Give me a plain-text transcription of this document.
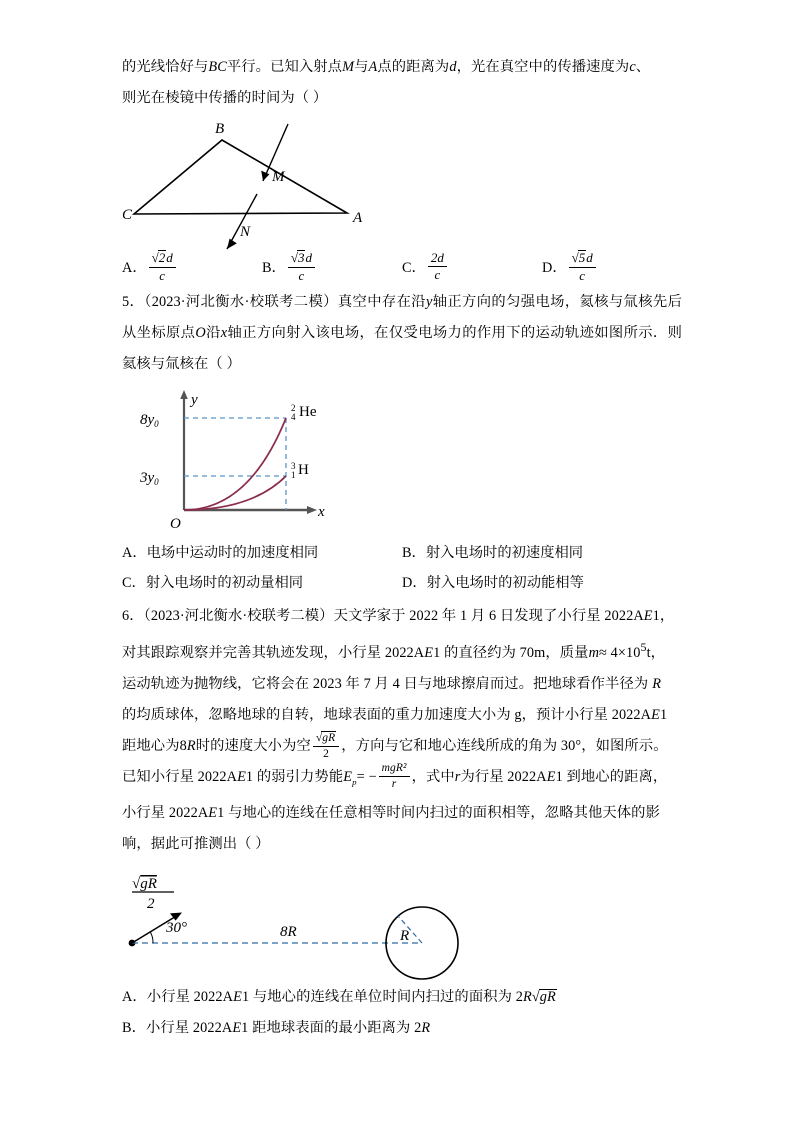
的光线恰好与BC平行。已知入射点M与A点的距离为d，光在真空中的传播速度为c、

则光在棱镜中传播的时间为（ ）

B
C	A
M
N
A． $\frac{√2d}{c}$	B． $\frac{√3d}{c}$	C． $\frac{2d}{c}$	D． $\frac{√5d}{c}$

5．（2023·河北衡水·校联考二模）真空中存在沿y轴正方向的匀强电场，氦核与氚核先后从坐标原点O沿x轴正方向射入该电场，在仅受电场力的作用下的运动轨迹如图所示．则氦核与氚核在（ ）

$8y_0$
$3y_0$
O
y
x
$^2$ 4 He
$^3$ 1 H
A．电场中运动时的加速度相同	B．射入电场时的初速度相同
C．射入电场时的初动量相同	D．射入电场时的初动能相等

6．（2023·河北衡水·校联考二模）天文学家于 2022 年 1 月 6 日发现了小行星 2022AE1，

对其跟踪观察并完善其轨迹发现，小行星 2022AE1 的直径约为 70m，质量$m\approx 4\times 10^5t$，

运动轨迹为抛物线，它将会在 2023 年 7 月 4 日与地球擦肩而过。把地球看作半径为 R

的均质球体，忽略地球的自转，地球表面的重力加速度大小为 g，预计小行星 2022AE1

距地心为8R时的速度大小为空 $\frac{√gR}{2}$ ，方向与它和地心连线所成的角为 30°，如图所示。

已知小行星 2022AE1 的弱引力势能$E_p= - \frac{\text{mgR²}}{r}$ ，式中r为行星 2022AE1 到地心的距离，

小行星 2022AE1 与地心的连线在任意相等时间内扫过的面积相等，忽略其他天体的影

响，据此可推测出（ ）

30°	8R	R
√gR
2

A．小行星 2022AE1 与地心的连线在单位时间内扫过的面积为 2R√gR

B．小行星 2022AE1 距地球表面的最小距离为 2R
